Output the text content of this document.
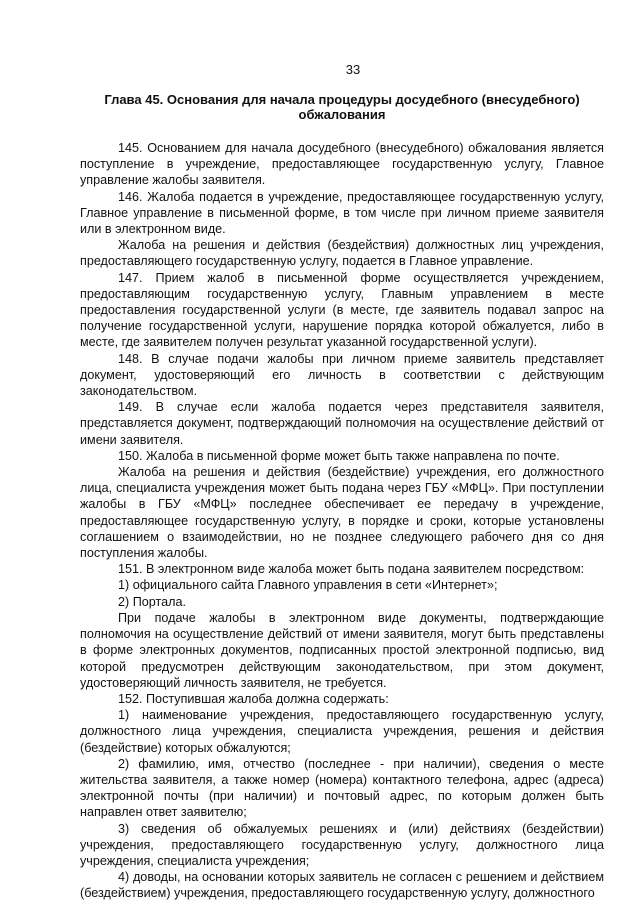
33
Глава 45. Основания для начала процедуры досудебного (внесудебного)
обжалования

145. Основанием для начала досудебного (внесудебного) обжалования является поступление в учреждение, предоставляющее государственную услугу, Главное управление жалобы заявителя.

146. Жалоба подается в учреждение, предоставляющее государственную услугу, Главное управление в письменной форме, в том числе при личном приеме заявителя или в электронном виде.

Жалоба на решения и действия (бездействия) должностных лиц учреждения, предоставляющего государственную услугу, подается в Главное управление.

147. Прием жалоб в письменной форме осуществляется учреждением, предоставляющим государственную услугу, Главным управлением в месте предоставления государственной услуги (в месте, где заявитель подавал запрос на получение государственной услуги, нарушение порядка которой обжалуется, либо в месте, где заявителем получен результат указанной государственной услуги).

148. В случае подачи жалобы при личном приеме заявитель представляет документ, удостоверяющий его личность в соответствии с действующим законодательством.

149. В случае если жалоба подается через представителя заявителя, представляется документ, подтверждающий полномочия на осуществление действий от имени заявителя.

150. Жалоба в письменной форме может быть также направлена по почте.

Жалоба на решения и действия (бездействие) учреждения, его должностного лица, специалиста учреждения может быть подана через ГБУ «МФЦ». При поступлении жалобы в ГБУ «МФЦ» последнее обеспечивает ее передачу в учреждение, предоставляющее государственную услугу, в порядке и сроки, которые установлены соглашением о взаимодействии, но не позднее следующего рабочего дня со дня поступления жалобы.

151. В электронном виде жалоба может быть подана заявителем посредством:

1) официального сайта Главного управления в сети «Интернет»;

2) Портала.

При подаче жалобы в электронном виде документы, подтверждающие полномочия на осуществление действий от имени заявителя, могут быть представлены в форме электронных документов, подписанных простой электронной подписью, вид которой предусмотрен действующим законодательством, при этом документ, удостоверяющий личность заявителя, не требуется.

152. Поступившая жалоба должна содержать:

1) наименование учреждения, предоставляющего государственную услугу, должностного лица учреждения, специалиста учреждения, решения и действия (бездействие) которых обжалуются;

2) фамилию, имя, отчество (последнее - при наличии), сведения о месте жительства заявителя, а также номер (номера) контактного телефона, адрес (адреса) электронной почты (при наличии) и почтовый адрес, по которым должен быть направлен ответ заявителю;

3) сведения об обжалуемых решениях и (или) действиях (бездействии) учреждения, предоставляющего государственную услугу, должностного лица учреждения, специалиста учреждения;

4) доводы, на основании которых заявитель не согласен с решением и действием (бездействием) учреждения, предоставляющего государственную услугу, должностного
